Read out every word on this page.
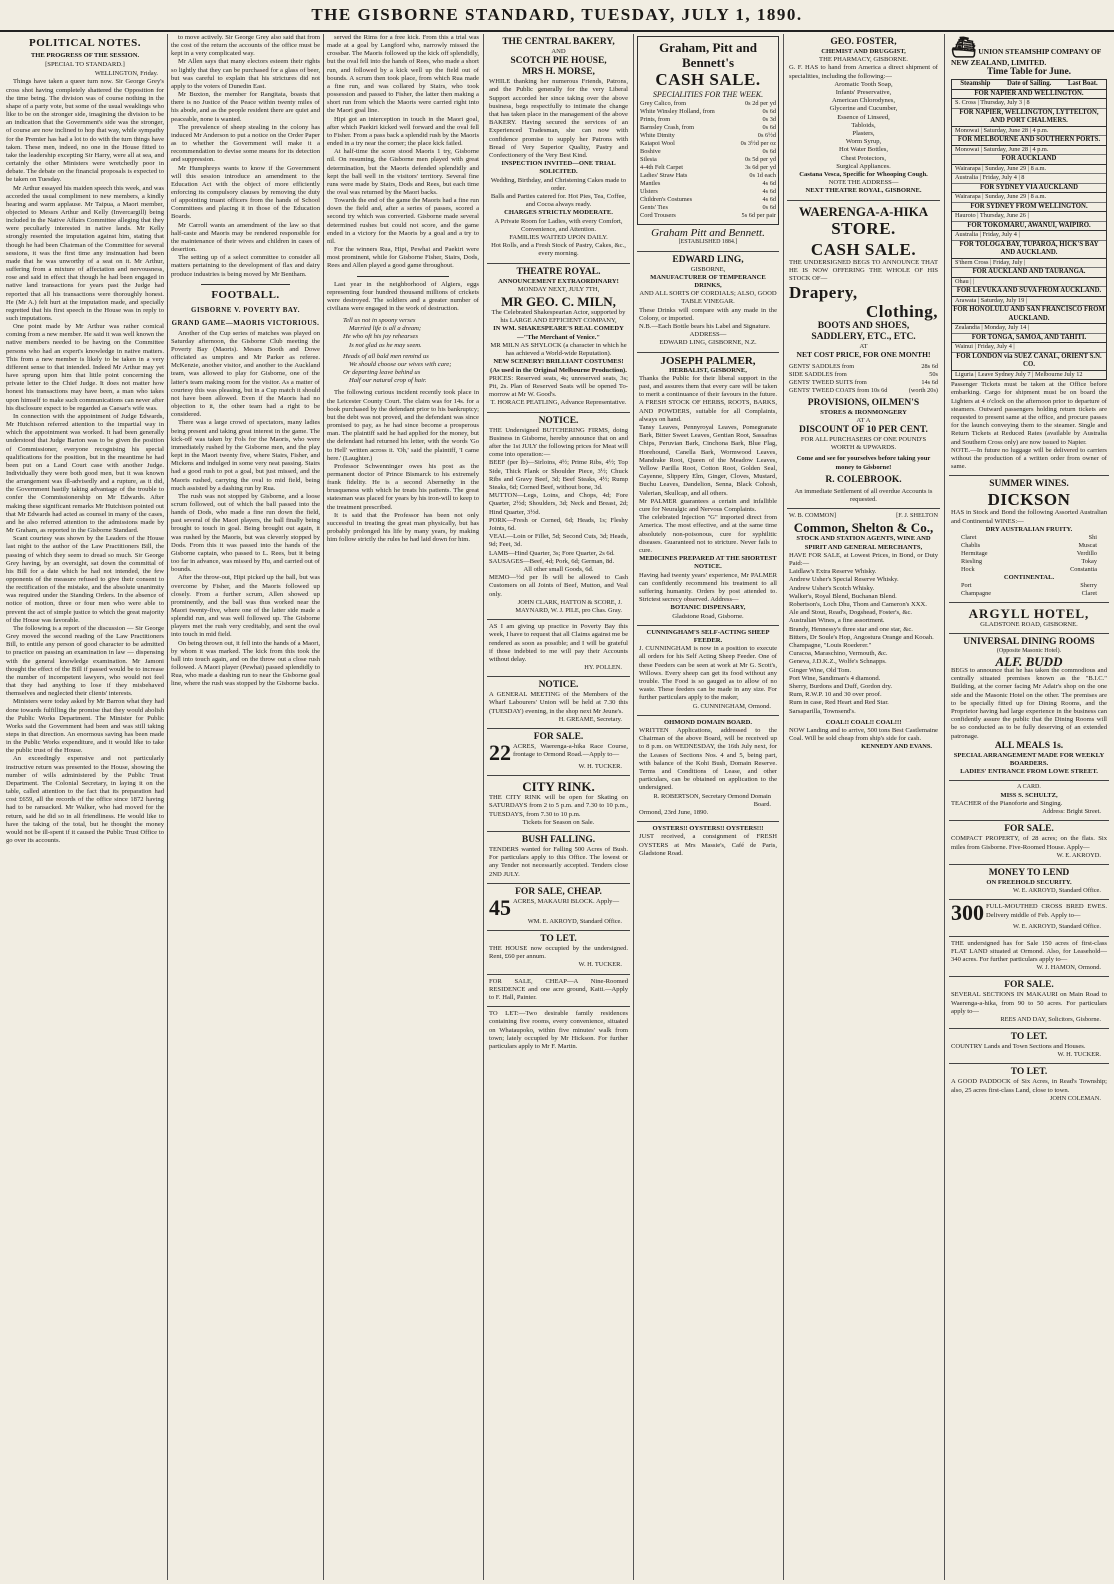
THE GISBORNE STANDARD, TUESDAY, JULY 1, 1890.
POLITICAL NOTES.
THE PROGRESS OF THE SESSION.
[SPECIAL TO STANDARD.]
WELLINGTON, Friday.

Things have taken a queer turn now. Sir George Grey's cross shot having completely shattered the Opposition for the time being. The division was of course nothing in the shape of a party vote, but some of the usual weaklings who like to be on the stronger side, imagining the division to be an indication that the Government's side was the stronger, of course are now inclined to hop that way, while sympathy for the Premier has had a lot to do with the turn things have taken. These men, indeed, no one in the House fitted to take the leadership excepting Sir Harry, were all at sea, and certainly the other Ministers were wretchedly poor in debate. The debate on the financial proposals is expected to be taken on Tuesday.

Mr Arthur essayed his maiden speech this week, and was accorded the usual compliment to new members, a kindly hearing and warm applause. Mr Taipua, a Maori member, objected to Messrs Arthur and Kelly (Invercargill) being included in the Native Affairs Committee alleging that they were peculiarly interested in native lands. Mr Kelly strongly resented the imputation against him, stating that though he had been Chairman of the Committee for several sessions, it was the first time any insinuation had been made that he was unworthy of a seat on it. Mr Arthur, suffering from a mixture of affectation and nervousness, rose and said in effect that though he had been engaged in native land transactions for years past the Judge had reported that all his transactions were thoroughly honest. He (Mr A.) felt hurt at the imputation made, and specially regretted that his first speech in the House was in reply to such imputations.

One point made by Mr Arthur was rather comical coming from a new member. He said it was well known the native members needed to be having on the Committee persons who had an expert's knowledge in native matters. This from a new member is likely to be taken in a very different sense to that intended. Indeed Mr Arthur may yet have sprung upon him that little point concerning the private letter to the Chief Judge. It does not matter how honest his transactions may have been, a man who takes upon himself to make such communications can never after his disclosure expect to be regarded as Caesar's wife was.

In connection with the appointment of Judge Edwards, Mr Hutchison referred attention to the impartial way in which the appointment was worked. It had been generally understood that Judge Barton was to be given the position of Commissioner, everyone recognising his special qualifications for the position, but in the meantime he had been put on a Land Court case with another Judge. Individually they were both good men, but it was known the arrangement was ill-advisedly and a rupture, as it did, the Government hastily taking advantage of the trouble to confer the Commissionership on Mr Edwards. After making these significant remarks Mr Hutchison pointed out that Mr Edwards had acted as counsel in many of the cases, and he also referred attention to the admissions made by Mr Graham, as reported in the Gisborne Standard.

Scant courtesy was shown by the Leaders of the House last night to the author of the Law Practitioners Bill, the passing of which they seem to dread so much. Sir George Grey having, by an oversight, sat down the committal of his Bill for a date which he had not intended, the few opponents of the measure refused to give their consent to the rectification of the mistake, and the absolute unanimity was required under the Standing Orders. In the absence of notice of motion, three or four men who were able to prevent the act of simple justice to which the great majority of the House was favorable.

The following is a report of the discussion — Sir George Grey moved the second reading of the Law Practitioners Bill, to entitle any person of good character to be admitted to practice on passing an examination in law — dispensing with the general knowledge examination. Mr Jamoni thought the effect of the Bill if passed would be to increase the number of incompetent lawyers, who would not feel that they had anything to lose if they misbehaved themselves and neglected their clients' interests.

Ministers were today asked by Mr Barron what they had done towards fulfilling the promise that they would abolish the Public Works Department. The Minister for Public Works said the Government had been and was still taking steps in that direction. An enormous saving has been made in the Public Works expenditure, and it would like to take the public trust of the House.

An exceedingly expensive and not particularly instructive return was presented to the House, showing the number of wills administered by the Public Trust Department. The Colonial Secretary, in laying it on the table, called attention to the fact that its preparation had cost £659, all the records of the office since 1872 having had to be ransacked. Mr Walker, who had moved for the return, said he did so in all friendliness. He would like to have the taking of the total, but he thought the money would not be ill-spent if it caused the Public Trust Office to go over its accounts.

to move actively. Sir George Grey also said that from the cost of the return the accounts of the office must be kept in a very complicated way.

Mr Allen says that many electors esteem their rights so lightly that they can be purchased for a glass of beer, but was careful to explain that his strictures did not apply to the voters of Dunedin East.

Mr Buxton, the member for Rangitata, boasts that there is no Justice of the Peace within twenty miles of his abode, and as the people resident there are quiet and peaceable, none is wanted.

The prevalence of sheep stealing in the colony has induced Mr Anderson to put a notice on the Order Paper as to whether the Government will make it a recommendation to devise some means for its detection and suppression.

Mr Humphreys wants to know if the Government will this session introduce an amendment to the Education Act with the object of more efficiently enforcing its compulsory clauses by removing the duty of appointing truant officers from the hands of School Committees and placing it in those of the Education Boards.

Mr Carroll wants an amendment of the law so that half-caste and Maoris may be rendered responsible for the maintenance of their wives and children in cases of desertion.

The setting up of a select committee to consider all matters pertaining to the development of flax and dairy produce industries is being moved by Mr Bentham.

FOOTBALL.
GISBORNE V. POVERTY BAY.
GRAND GAME—MAORIS VICTORIOUS.

Another of the Cup series of matches was played on Saturday afternoon, the Gisborne Club meeting the Poverty Bay (Maoris). Messrs Booth and Dowe officiated as umpires and Mr Parker as referee. McKenzie, another visitor, and another to the Auckland team, was allowed to play for Gisborne, one of the latter's team making room for the visitor. As a matter of courtesy this was pleasing, but in a Cup match it should not have been allowed. Even if the Maoris had no objection to it, the other team had a right to be considered.

There was a large crowd of spectators, many ladies being present and taking great interest in the game. The kick-off was taken by Fols for the Maoris, who were immediately rushed by the Gisborne men, and the play kept in the Maori twenty five, where Stairs, Fisher, and Mickens and indulged in some very neat passing. Stairs had a good rush to pot a goal, but just missed, and the Maoris rushed, carrying the oval to mid field, being much assisted by a dashing run by Rua.

The rush was not stopped by Gisborne, and a loose scrum followed, out of which the ball passed into the hands of Dods, who made a fine run down the field, past several of the Maori players, the ball finally being brought to touch in goal. Being brought out again, it was rushed by the Maoris, but was cleverly stopped by Dods. From this it was passed into the hands of the Gisborne captain, who passed to L. Rees, but it being too far in advance, was missed by Hu, and carried out of bounds.

After the throw-out, Hipi picked up the ball, but was overcome by Fisher, and the Maoris followed up closely. From a further scrum, Allen showed up prominently, and the ball was thus worked near the Maori twenty-five, where one of the latter side made a splendid run, and was well followed up. The Gisborne players met the rush very creditably, and sent the oval into touch in mid field.

On being thrown out, it fell into the hands of a Maori, by whom it was marked. The kick from this took the ball into touch again, and on the throw out a close rush followed. A Maori player (Pewhai) passed splendidly to Rua, who made a dashing run to near the Gisborne goal line, where the rush was stopped by the Gisborne backs.

served the Rims for a free kick. From this a trial was made at a goal by Langford who, narrowly missed the crossbar. The Maoris followed up the kick off splendidly, but the oval fell into the hands of Rees, who made a short run, and followed by a kick well up the field out of bounds. A scrum then took place, from which Rua made a fine run, and was collared by Stairs, who took possession and passed to Fisher, the latter then making a short run from which the Maoris were carried right into the Maori goal line.

Hipi got an interception in touch in the Maori goal, after which Paekiri kicked well forward and the oval fell to Fisher. From a pass back a splendid rush by the Maoris ended in a try near the corner; the place kick failed.

At half-time the score stood Maoris 1 try, Gisborne nil. On resuming, the Gisborne men played with great determination, but the Maoris defended splendidly and kept the ball well in the visitors' territory. Several fine runs were made by Stairs, Dods and Rees, but each time the oval was returned by the Maori backs.

Towards the end of the game the Maoris had a fine run down the field and, after a series of passes, scored a second try which was converted. Gisborne made several determined rushes but could not score, and the game ended in a victory for the Maoris by a goal and a try to nil.

For the winners Rua, Hipi, Pewhai and Paekiri were most prominent, while for Gisborne Fisher, Stairs, Dods, Rees and Allen played a good game throughout.

Last year in the neighborhood of Algiers, eggs representing four hundred thousand millions of crickets were destroyed. The soldiers and a greater number of civilians were engaged in the work of destruction.

Tell us not in spoony verses
Married life is all a dream;
He who oft his joy rehearses
Is not glad as he may seem.
Heads of all bald men remind us
We should choose our wives with care;
Or departing leave behind us
Half our natural crop of hair.

The following curious incident recently took place in the Leicester County Court. The claim was for 14s. for a book purchased by the defendant prior to his bankruptcy; but the debt was not proved, and the defendant was since promised to pay, as he had since become a prosperous man. The plaintiff said he had applied for the money, but the defendant had returned his letter, with the words 'Go to Hell' written across it. 'Oh,' said the plaintiff, 'I came here.' (Laughter.)

Professor Schwenninger owes his post as the permanent doctor of Prince Bismarck to his extremely frank fidelity. He is a second Abernethy in the brusqueness with which he treats his patients. The great statesman was placed for years by his iron-will to keep to the treatment prescribed.

It is said that the Professor has been not only successful in treating the great man physically, but has probably prolonged his life by many years, by making him follow strictly the rules he had laid down for him.

THE CENTRAL BAKERY,
AND
SCOTCH PIE HOUSE,
MRS H. MORSE,
WHILE thanking her numerous Friends, Patrons, and the Public generally for the very Liberal Support accorded her since taking over the above business, begs respectfully to intimate the change that has taken place in the management of the above BAKERY. Having secured the services of an Experienced Tradesman, she can now with confidence promise to supply her Patrons with Bread of Very Superior Quality, Pastry and Confectionery of the Very Best Kind.
INSPECTION INVITED—ONE TRIAL SOLICITED.
Wedding, Birthday, and Christening Cakes made to order.
Balls and Parties catered for. Hot Pies, Tea, Coffee, and Cocoa always ready.
CHARGES STRICTLY MODERATE.
A Private Room for Ladies, with every Comfort, Convenience, and Attention.
FAMILIES WAITED UPON DAILY.
Hot Rolls, and a Fresh Stock of Pastry, Cakes, &c., every morning.
THEATRE ROYAL.
ANNOUNCEMENT EXTRAORDINARY!
MONDAY NEXT, JULY 7TH,
MR GEO. C. MILN,
The Celebrated Shakespearian Actor, supported by his LARGE AND EFFICIENT COMPANY,
IN WM. SHAKESPEARE'S REAL COMEDY—"The Merchant of Venice."
MR MILN AS SHYLOCK (a character in which he has achieved a World-wide Reputation).
NEW SCENERY! BRILLIANT COSTUMES! (As used in the Original Melbourne Production).
PRICES: Reserved seats, 4s; unreserved seats, 3s; Pit, 2s. Plan of Reserved Seats will be opened To-morrow at Mr W. Good's.
T. HORACE PEATLING, Advance Representative.
NOTICE.
THE Undersigned BUTCHERING FIRMS, doing Business in Gisborne, hereby announce that on and after the 1st JULY the following prices for Meat will come into operation:—
BEEF (per lb)—Sirloins, 4½; Prime Ribs, 4½; Top Side, Thick Flank or Shoulder Piece, 3½; Chuck Ribs and Gravy Beef, 3d; Beef Steaks, 4½; Rump Steaks, 6d; Corned Beef, without bone, 3d.
MUTTON—Legs, Loins, and Chops, 4d; Fore Quarter, 2½d; Shoulders, 3d; Neck and Breast, 2d; Hind Quarter, 3½d.
PORK—Fresh or Corned, 6d; Heads, 1s; Fleshy Joints, 6d.
VEAL—Loin or Fillet, 5d; Second Cuts, 3d; Heads, 9d; Feet, 3d.
LAMB—Hind Quarter, 3s; Fore Quarter, 2s 6d.
SAUSAGES—Beef, 4d; Pork, 6d; German, 8d.
All other small Goods, 6d.
MEMO—½d per lb will be allowed to Cash Customers on all Joints of Beef, Mutton, and Veal only.
JOHN CLARK, HATTON & SCORE, J. MAYNARD, W. J. PILE, pro Chas. Gray.
AS I am giving up practice in Poverty Bay this week, I have to request that all Claims against me be rendered as soon as possible; and I will be grateful if those indebted to me will pay their Accounts without delay.
HY. POLLEN.
NOTICE.
A GENERAL MEETING of the Members of the Wharf Labourers' Union will be held at 7.30 this (TUESDAY) evening, in the shop next Mr Jeune's.
H. GREAME, Secretary.
FOR SALE.
22 ACRES, Waerenga-a-hika Race Course, frontage to Ormond Road.—Apply to—
W. H. TUCKER.
CITY RINK.
THE CITY RINK will be open for Skating on SATURDAYS from 2 to 5 p.m. and 7.30 to 10 p.m., TUESDAYS, from 7.30 to 10 p.m.
Tickets for Season on Sale.
BUSH FALLING.
TENDERS wanted for Falling 500 Acres of Bush. For particulars apply to this Office. The lowest or any Tender not necessarily accepted. Tenders close 2ND JULY.
FOR SALE, CHEAP.
45 ACRES, MAKAURI BLOCK. Apply—
WM. E. AKROYD, Standard Office.
TO LET.
THE HOUSE now occupied by the undersigned. Rent, £60 per annum.
W. H. TUCKER.
FOR SALE, CHEAP—A Nine-Roomed RESIDENCE and one acre ground, Kaiti.—Apply to F. Hall, Painter.
TO LET:—Two desirable family residences containing five rooms, every convenience, situated on Whataupoko, within five minutes' walk from town; lately occupied by Mr Hickson. For further particulars apply to Mr F. Martin.
Graham, Pitt and
Bennett's
CASH SALE.
SPECIALITIES FOR THE WEEK.
Grey Calico, from	0s 2d per yd
White Winsley Holland, from	0s 6d
Prints, from	0s 3d
Barnsley Crash, from	0s 6d
White Dimity	0s 6½d
Kaiapoi Wool	0s 3½d per oz
Boshive	0s 6d
Silesia	0s 5d per yd
4-4th Felt Carpet	3s 6d per yd
Ladies' Straw Hats	0s 1d each
Mantles	4s 6d
Ulsters	4s 6d
Children's Costumes	4s 6d
Gents' Ties	0s 6d
Cord Trousers	5s 6d per pair
Graham Pitt and Bennett.
[ESTABLISHED 1884.]
EDWARD LING,
GISBORNE,
MANUFACTURER OF TEMPERANCE DRINKS,
AND ALL SORTS OF CORDIALS; ALSO, GOOD TABLE VINEGAR.
These Drinks will compare with any made in the Colony, or imported.
N.B.—Each Bottle bears his Label and Signature.
ADDRESS—
EDWARD LING, GISBORNE, N.Z.
JOSEPH PALMER,
HERBALIST, GISBORNE,
Thanks the Public for their liberal support in the past, and assures them that every care will be taken to merit a continuance of their favours in the future. A FRESH STOCK OF HERBS, ROOTS, BARKS, AND POWDERS, suitable for all Complaints, always on hand.
Tansy Leaves, Pennyroyal Leaves, Pomegranate Bark, Bitter Sweet Leaves, Gentian Root, Sassafras Chips, Peruvian Bark, Cinchona Bark, Blue Flag, Horehound, Canella Bark, Wormwood Leaves, Mandrake Root, Queen of the Meadow Leaves, Yellow Parilla Root, Cotton Root, Golden Seal, Cayenne, Slippery Elm, Ginger, Cloves, Mustard, Buchu Leaves, Dandelion, Senna, Black Cohosh, Valerian, Skullcap, and all others.
Mr PALMER guarantees a certain and infallible cure for Neuralgic and Nervous Complaints.
The celebrated Injection "G" imported direct from America. The most effective, and at the same time absolutely non-poisonous, cure for syphilitic diseases. Guaranteed not to stricture. Never fails to cure.
MEDICINES PREPARED AT THE SHORTEST NOTICE.
Having had twenty years' experience, Mr PALMER can confidently recommend his treatment to all suffering humanity. Orders by post attended to. Strictest secrecy observed. Address—
BOTANIC DISPENSARY,
Gladstone Road, Gisborne.
CUNNINGHAM'S SELF-ACTING SHEEP FEEDER.
J. CUNNINGHAM is now in a position to execute all orders for his Self Acting Sheep Feeder. One of these Feeders can be seen at work at Mr G. Scott's, Willows. Every sheep can get its food without any trouble. The Food is so gauged as to allow of no waste. These feeders can be made in any size. For further particulars apply to the maker,
G. CUNNINGHAM, Ormond.
OHMOND DOMAIN BOARD.
WRITTEN Applications, addressed to the Chairman of the above Board, will be received up to 8 p.m. on WEDNESDAY, the 16th July next, for the Leases of Sections Nos. 4 and 5, being part, with balance of the Kohi Bush, Domain Reserve. Terms and Conditions of Lease, and other particulars, can be obtained on application to the undersigned.
R. ROBERTSON, Secretary Ormond Domain Board.
Ormond, 23rd June, 1890.
OYSTERS!! OYSTERS!! OYSTERS!!!
JUST received, a consignment of FRESH OYSTERS at Mrs Massie's, Café de Paris, Gladstone Road.
GEO. FOSTER,
CHEMIST AND DRUGGIST,
THE PHARMACY, GISBORNE.
G. F. HAS to hand from America a direct shipment of specialities, including the following:—
Aromatic Tooth Soap,
Infants' Preservative,
American Chlorodynes,
Glycerine and Cucumber,
Essence of Linseed,
Tabloids,
Plasters,
Worm Syrup,
Hot Water Bottles,
Chest Protectors,
Surgical Appliances.
Castana Vesca, Specific for Whooping Cough.
NOTE THE ADDRESS—
NEXT THEATRE ROYAL, GISBORNE.
WAERENGA-A-HIKA
STORE.
CASH SALE.
THE UNDERSIGNED BEGS TO ANNOUNCE THAT HE IS NOW OFFERING THE WHOLE OF HIS STOCK OF—
Drapery,
Clothing,
BOOTS AND SHOES,
SADDLERY, ETC., ETC.
AT
NET COST PRICE, FOR ONE MONTH!
GENTS' SADDLES from	28s 6d
SIDE SADDLES from	50s
GENTS' TWEED SUITS from	14s 6d
GENTS' TWEED COATS from 10s 6d	(worth 20s)
PROVISIONS, OILMEN'S
STORES & IRONMONGERY
AT A
DISCOUNT OF 10 PER CENT.
FOR ALL PURCHASERS OF ONE POUND'S WORTH & UPWARDS.
Come and see for yourselves before taking your money to Gisborne!
R. COLEBROOK.
An immediate Settlement of all overdue Accounts is requested.
W. B. COMMON]	[F. J. SHELTON
Common, Shelton & Co.,
STOCK AND STATION AGENTS, WINE AND SPIRIT AND GENERAL MERCHANTS,
HAVE FOR SALE, at Lowest Prices, in Bond, or Duty Paid:—
Laidlaw's Extra Reserve Whisky.
Andrew Usher's Special Reserve Whisky.
Andrew Usher's Scotch Whisky.
Walker's, Royal Blend, Buchanan Blend.
Robertson's, Loch Dhu, Thom and Cameron's XXX.
Ale and Stout, Read's, Dogshead, Foster's, &c.
Australian Wines, a fine assortment.
Brandy, Hennessy's three star and one star, &c.
Bitters, Dr Soule's Hop, Angostura Orange and Kooah.
Champagne, "Louis Roederer."
Curacoa, Maraschino, Vermouth, &c.
Geneva, J.D.K.Z., Wolfe's Schnapps.
Ginger Wine, Old Tom.
Port Wine, Sandiman's 4 diamond.
Sherry, Burdons and Duff, Gordon dry.
Rum, R.W.P. 10 and 30 over proof.
Rum in case, Red Heart and Red Star.
Sarsaparilla, Townsend's.
COAL!! COAL!! COAL!!!
NOW Landing and to arrive, 500 tons Best Castlemaine Coal. Will be sold cheap from ship's side for cash.
KENNEDY AND EVANS.
⛴ UNION STEAMSHIP COMPANY OF NEW ZEALAND, LIMITED.
Time Table for June.
Steamship Date of Sailing. Last Boat.
FOR NAPIER AND WELLINGTON.
S. Cross | Thursday, July 3 | 8
FOR NAPIER, WELLINGTON, LYTTELTON, AND PORT CHALMERS.
Monowai | Saturday, June 28 | 4 p.m.
FOR MELBOURNE AND SOUTHERN PORTS.
Monowai | Saturday, June 28 | 4 p.m.
FOR AUCKLAND
Wairarapa | Sunday, June 29 | 8 a.m.
Australia | Friday, July 4 | 8
FOR SYDNEY VIA AUCKLAND
Wairarapa | Sunday, June 29 | 8 a.m.
FOR SYDNEY FROM WELLINGTON.
Hauroto | Thursday, June 26 |
FOR TOKOMARU, AWANUI, WAIPIRO.
Australia | Friday, July 4 |
FOR TOLOGA BAY, TUPAROA, HICK'S BAY AND AUCKLAND.
S'thern Cross | Friday, July |
FOR AUCKLAND AND TAURANGA.
Ohau | |
FOR LEVUKA AND SUVA FROM AUCKLAND.
Arawata | Saturday, July 19 |
FOR HONOLULU AND SAN FRANCISCO FROM AUCKLAND.
Zealandia | Monday, July 14 |
FOR TONGA, SAMOA, AND TAHITI.
Wainui | Friday, July 4 |
FOR LONDON via SUEZ CANAL, ORIENT S.N. CO.
Liguria | Leave Sydney July 7 | Melbourne July 12
Passenger Tickets must be taken at the Office before embarking. Cargo for shipment must be on board the Lighters at 4 o'clock on the afternoon prior to departure of steamers. Outward passengers holding return tickets are requested to present same at the office, and procure passes for the launch conveying them to the steamer. Single and Return Tickets at Reduced Rates (available by Australia and Southern Cross only) are now issued to Napier.
NOTE.—In future no luggage will be delivered to carriers without the production of a written order from owner of same.
SUMMER WINES.
DICKSON
HAS in Stock and Bond the following Assorted Australian and Continental WINES:—
DRY AUSTRALIAN FRUITY.
Claret	Shi
Chablis	Muscat
Hermitage	Verdillo
Riesling	Tokay
Hock	Constantia
CONTINENTAL.
Port	Sherry
Champagne	Claret
ARGYLL HOTEL,
GLADSTONE ROAD, GISBORNE.
UNIVERSAL DINING ROOMS
(Opposite Masonic Hotel).
ALF. BUDD
BEGS to announce that he has taken the commodious and centrally situated premises known as the "B.I.C." Building, at the corner facing Mr Adair's shop on the one side and the Masonic Hotel on the other. The premises are to be specially fitted up for Dining Rooms, and the Proprietor having had large experience in the business can confidently assure the public that the Dining Rooms will be so conducted as to be fully deserving of an extended patronage.
ALL MEALS 1s.
SPECIAL ARRANGEMENT MADE FOR WEEKLY BOARDERS.
LADIES' ENTRANCE FROM LOWE STREET.
A CARD.
MISS S. SCHULTZ,
TEACHER of the Pianoforte and Singing.
Address: Bright Street.
FOR SALE.
COMPACT PROPERTY, of 28 acres; on the flats. Six miles from Gisborne. Five-Roomed House. Apply—
W. E. AKROYD.
MONEY TO LEND
ON FREEHOLD SECURITY.
W. E. AKROYD, Standard Office.
300 FULL-MOUTHED CROSS BRED EWES. Delivery middle of Feb. Apply to—
W. E. AKROYD, Standard Office.
THE undersigned has for Sale 150 acres of first-class FLAT LAND situated at Ormond. Also, for Leasehold—340 acres. For further particulars apply to—
W. J. HAMON, Ormond.
FOR SALE.
SEVERAL SECTIONS IN MAKAURI on Main Road to Waerenga-a-hika, from 90 to 50 acres. For particulars apply to—
REES AND DAY, Solicitors, Gisborne.
TO LET.
COUNTRY Lands and Town Sections and Houses.
W. H. TUCKER.
TO LET.
A GOOD PADDOCK of Six Acres, in Read's Township; also, 25 acres first-class Land, close to town.
JOHN COLEMAN.
